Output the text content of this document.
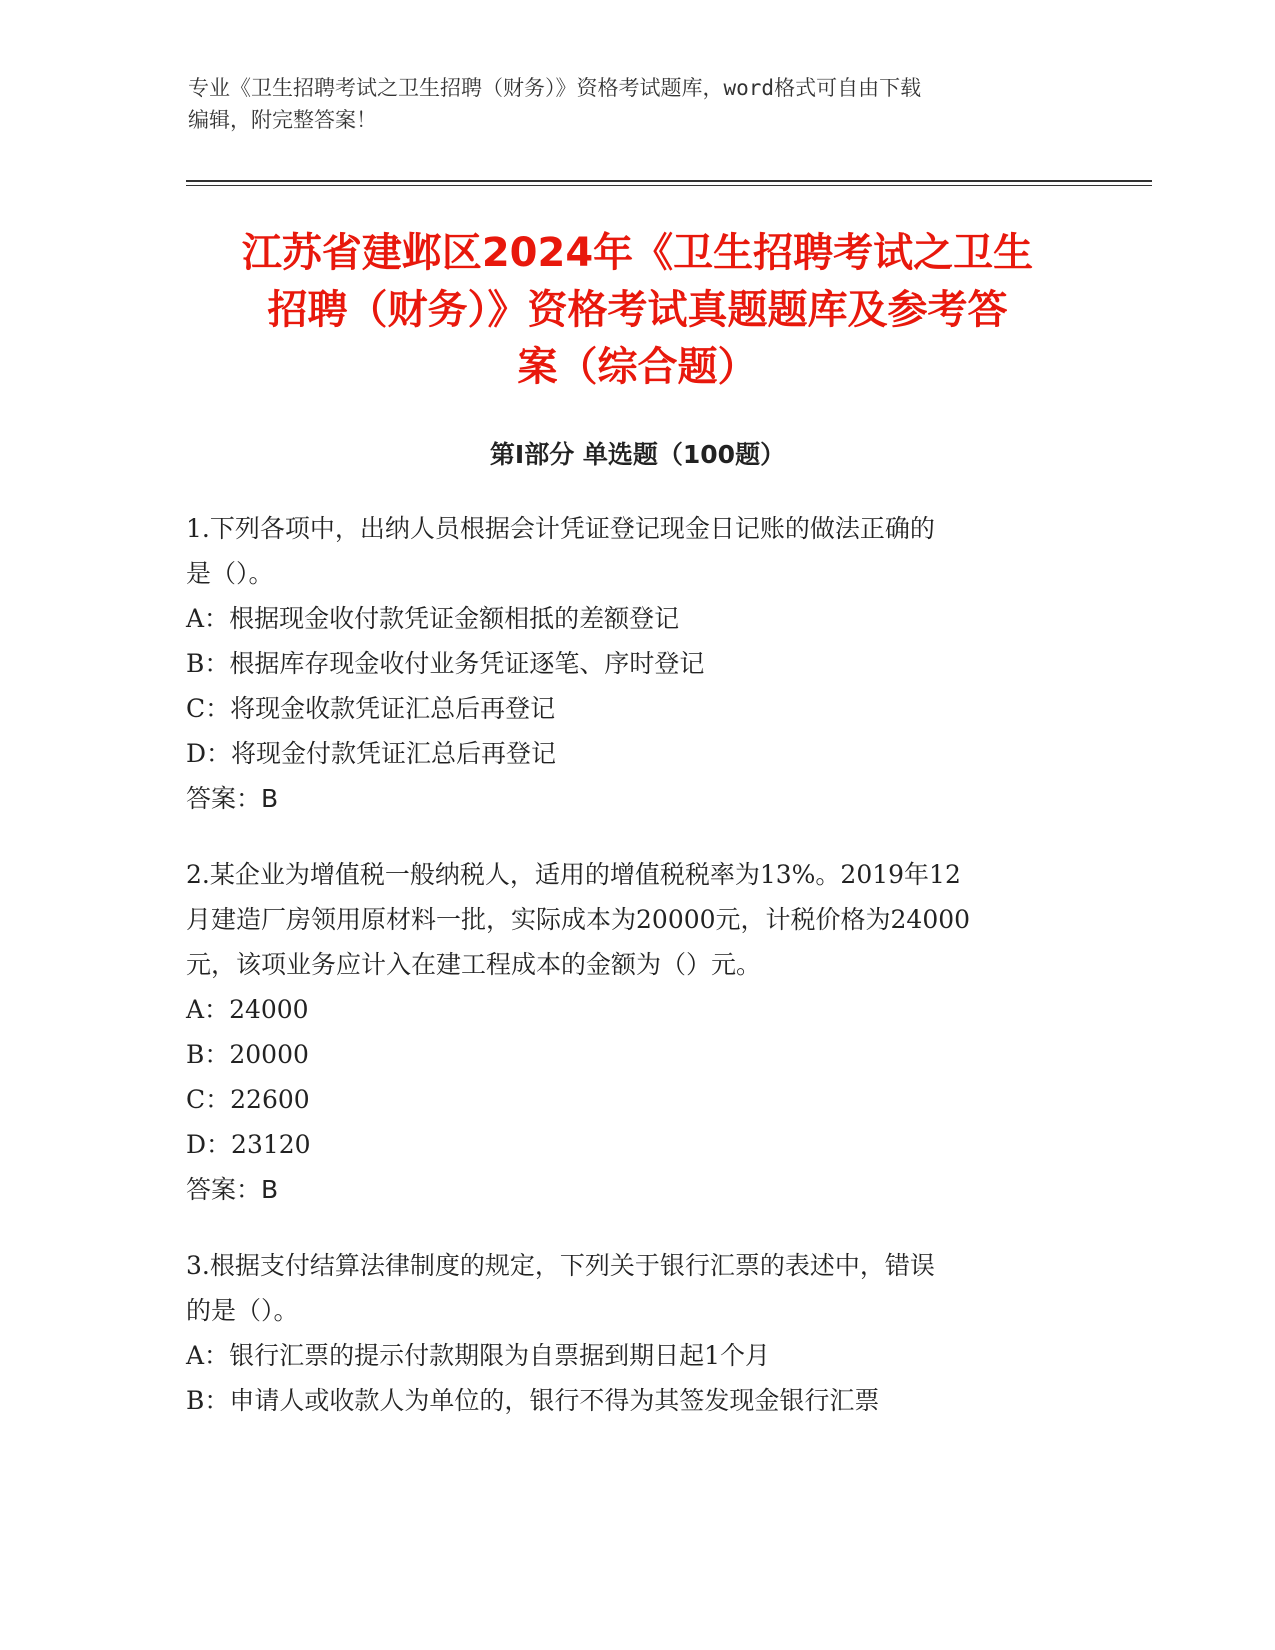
专业《卫生招聘考试之卫生招聘（财务）》资格考试题库，word格式可自由下载
编辑，附完整答案！
江苏省建邺区2024年《卫生招聘考试之卫生
招聘（财务）》资格考试真题题库及参考答
案（综合题）
第Ⅰ部分 单选题（100题）
1.下列各项中，出纳人员根据会计凭证登记现金日记账的做法正确的
是（）。
A：根据现金收付款凭证金额相抵的差额登记
B：根据库存现金收付业务凭证逐笔、序时登记
C：将现金收款凭证汇总后再登记
D：将现金付款凭证汇总后再登记
答案：B
2.某企业为增值税一般纳税人，适用的增值税税率为13%。2019年12
月建造厂房领用原材料一批，实际成本为20000元，计税价格为24000
元，该项业务应计入在建工程成本的金额为（）元。
A：24000
B：20000
C：22600
D：23120
答案：B
3.根据支付结算法律制度的规定，下列关于银行汇票的表述中，错误
的是（）。
A：银行汇票的提示付款期限为自票据到期日起1个月
B：申请人或收款人为单位的，银行不得为其签发现金银行汇票
